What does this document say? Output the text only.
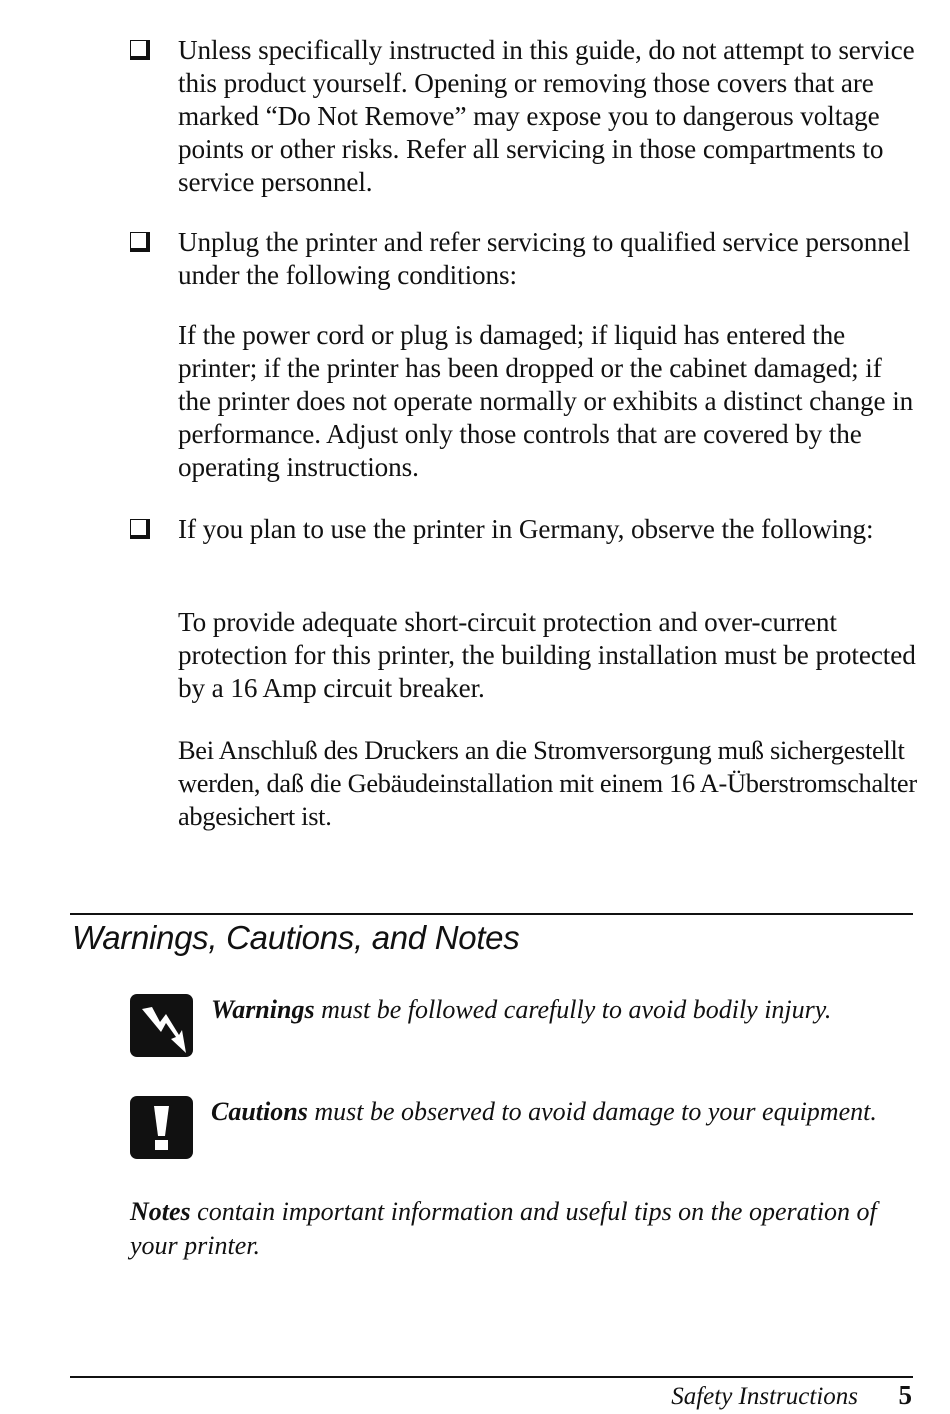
Unless specifically instructed in this guide, do not attempt to service this product yourself. Opening or removing those covers that are marked “Do Not Remove” may expose you to dangerous voltage points or other risks. Refer all servicing in those compartments to service personnel.
Unplug the printer and refer servicing to qualified service personnel under the following conditions:
If the power cord or plug is damaged; if liquid has entered the printer; if the printer has been dropped or the cabinet damaged; if the printer does not operate normally or exhibits a distinct change in performance. Adjust only those controls that are covered by the operating instructions.
If you plan to use the printer in Germany, observe the following:
To provide adequate short-circuit protection and over-current protection for this printer, the building installation must be protected by a 16 Amp circuit breaker.
Bei Anschluß des Druckers an die Stromversorgung muß sichergestellt werden, daß die Gebäudeinstallation mit einem 16 A-Überstromschalter abgesichert ist.
Warnings, Cautions, and Notes
Warnings must be followed carefully to avoid bodily injury.
Cautions must be observed to avoid damage to your equipment.
Notes contain important information and useful tips on the operation of your printer.
Safety Instructions 5
